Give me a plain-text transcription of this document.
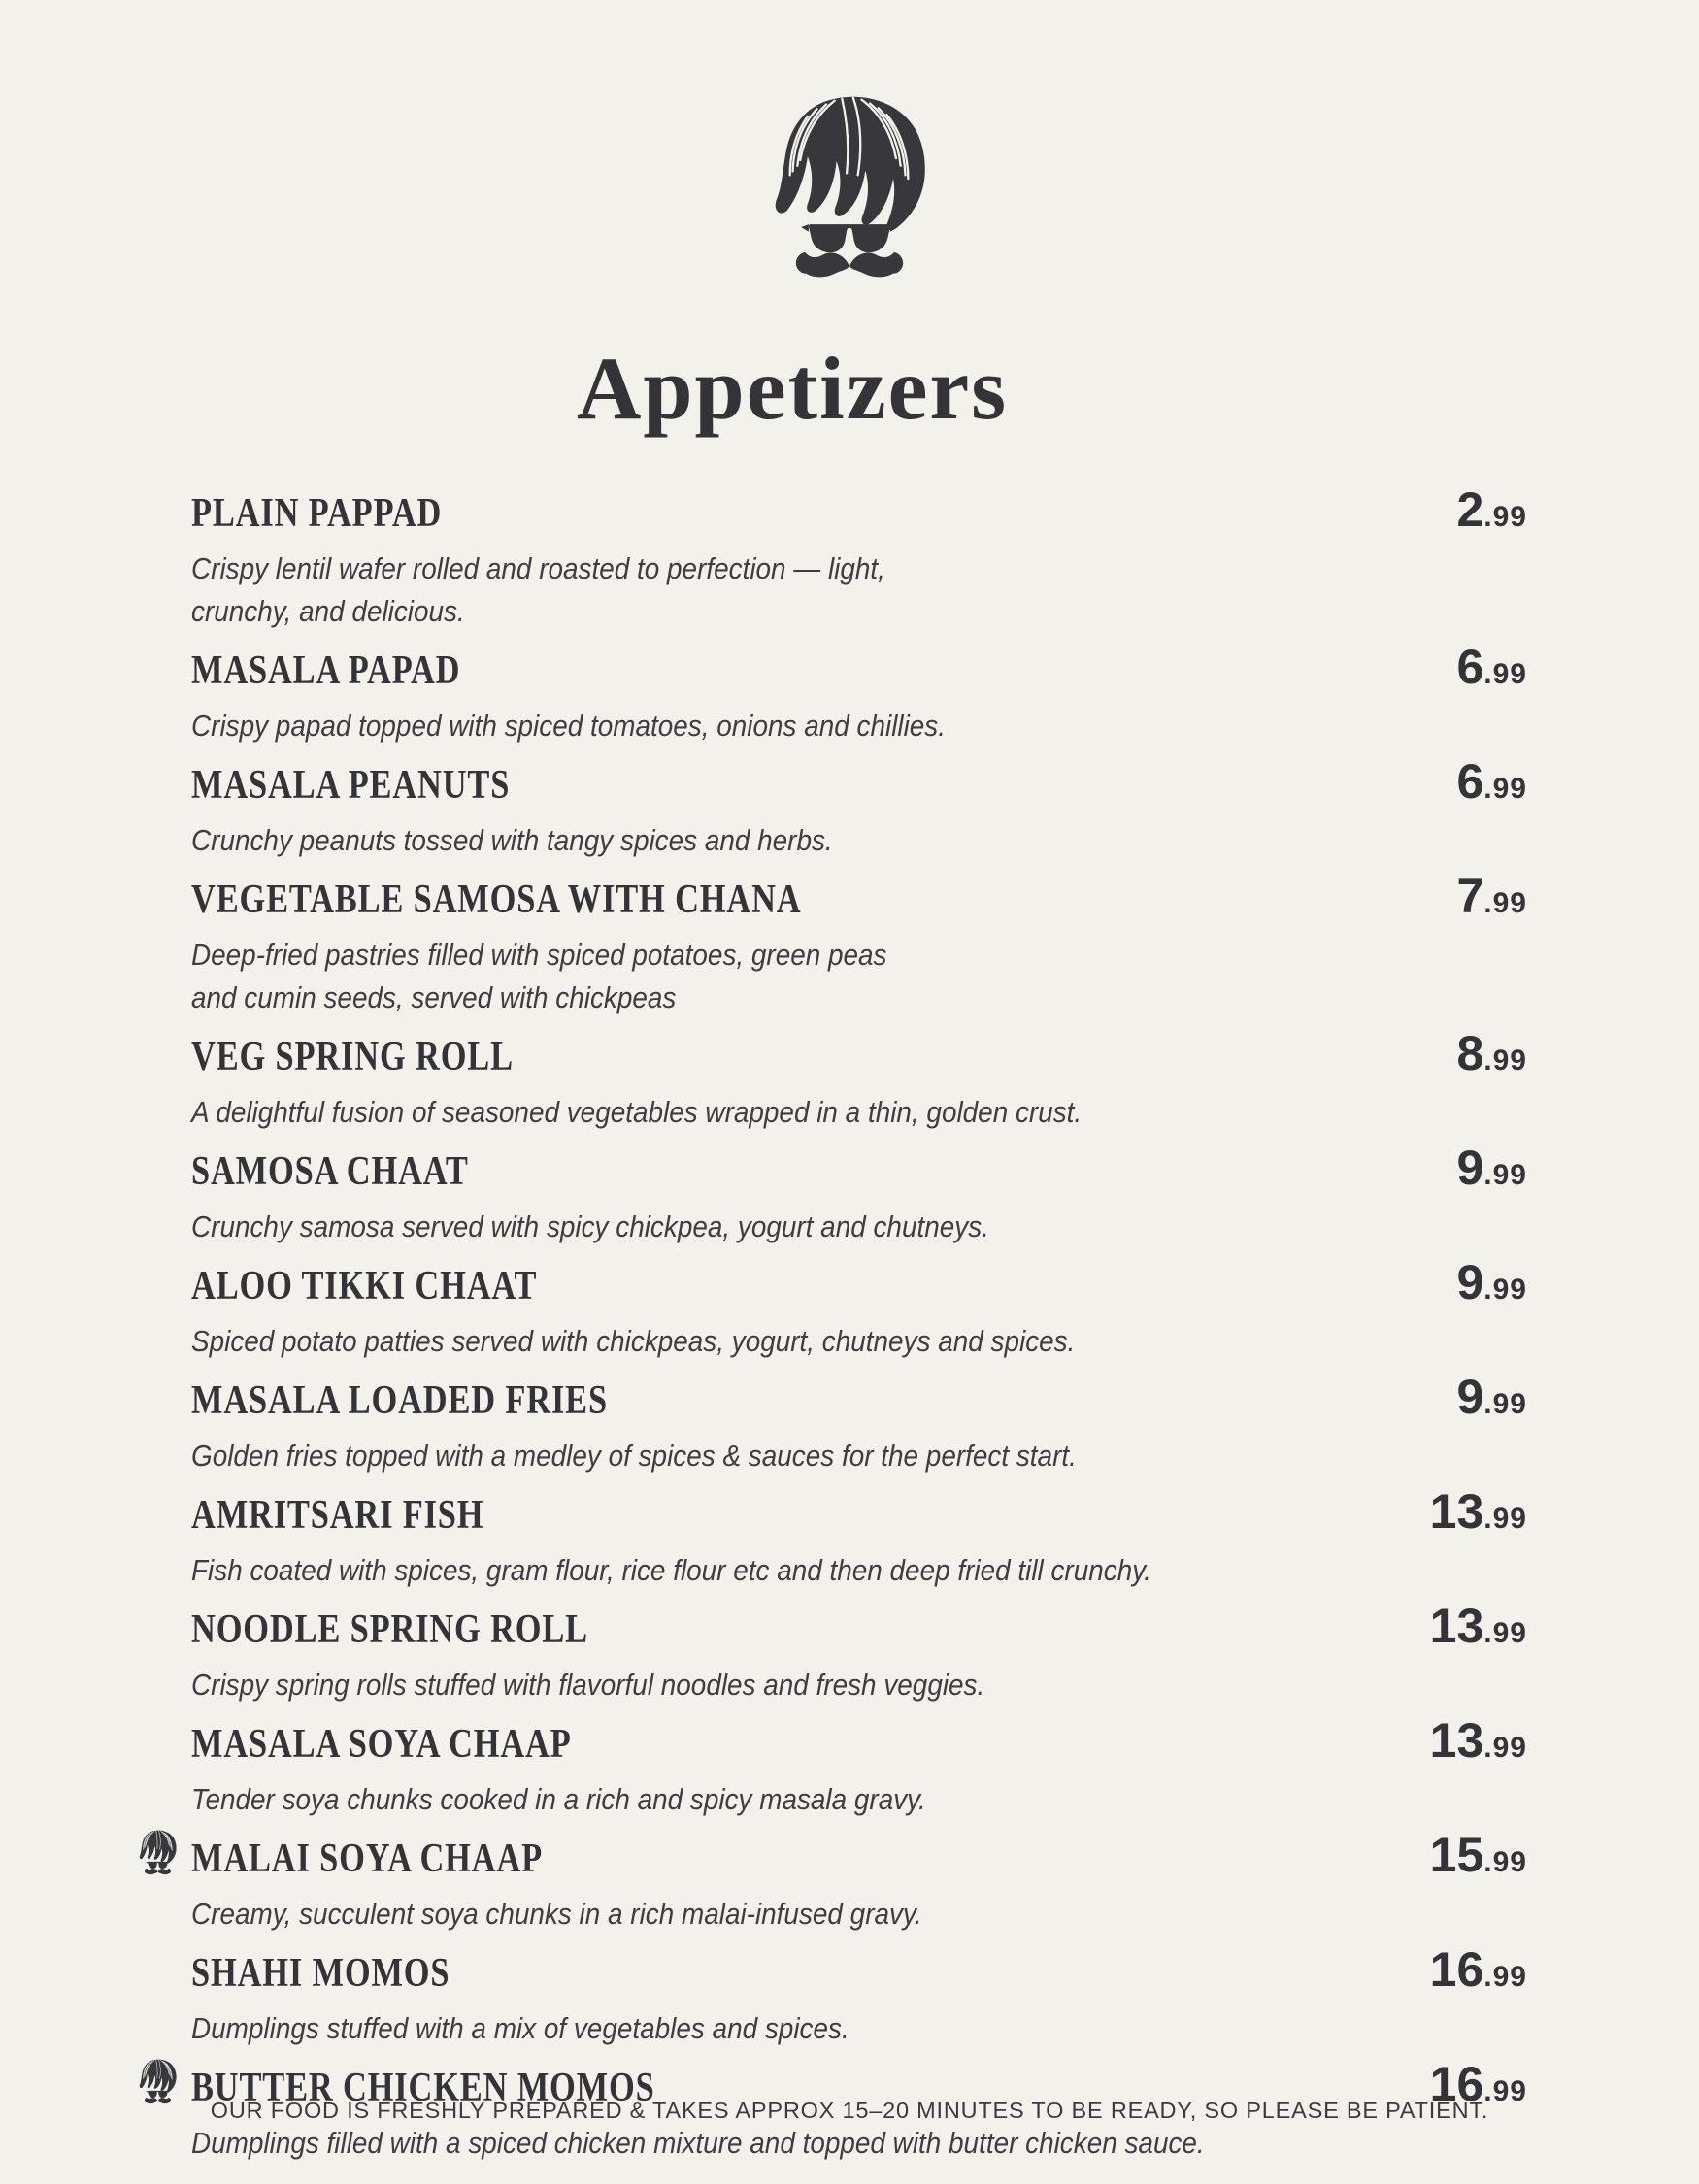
Appetizers
PLAIN PAPPAD	2.99
Crispy lentil wafer rolled and roasted to perfection — light,
crunchy, and delicious.
MASALA PAPAD	6.99
Crispy papad topped with spiced tomatoes, onions and chillies.
MASALA PEANUTS	6.99
Crunchy peanuts tossed with tangy spices and herbs.
VEGETABLE SAMOSA WITH CHANA	7.99
Deep-fried pastries filled with spiced potatoes, green peas
and cumin seeds, served with chickpeas
VEG SPRING ROLL	8.99
A delightful fusion of seasoned vegetables wrapped in a thin, golden crust.
SAMOSA CHAAT	9.99
Crunchy samosa served with spicy chickpea, yogurt and chutneys.
ALOO TIKKI CHAAT	9.99
Spiced potato patties served with chickpeas, yogurt, chutneys and spices.
MASALA LOADED FRIES	9.99
Golden fries topped with a medley of spices & sauces for the perfect start.
AMRITSARI FISH	13.99
Fish coated with spices, gram flour, rice flour etc and then deep fried till crunchy.
NOODLE SPRING ROLL	13.99
Crispy spring rolls stuffed with flavorful noodles and fresh veggies.
MASALA SOYA CHAAP	13.99
Tender soya chunks cooked in a rich and spicy masala gravy.
MALAI SOYA CHAAP	15.99
Creamy, succulent soya chunks in a rich malai-infused gravy.
SHAHI MOMOS	16.99
Dumplings stuffed with a mix of vegetables and spices.
BUTTER CHICKEN MOMOS	16.99
Dumplings filled with a spiced chicken mixture and topped with butter chicken sauce.
OUR FOOD IS FRESHLY PREPARED & TAKES APPROX 15–20 MINUTES TO BE READY, SO PLEASE BE PATIENT.
